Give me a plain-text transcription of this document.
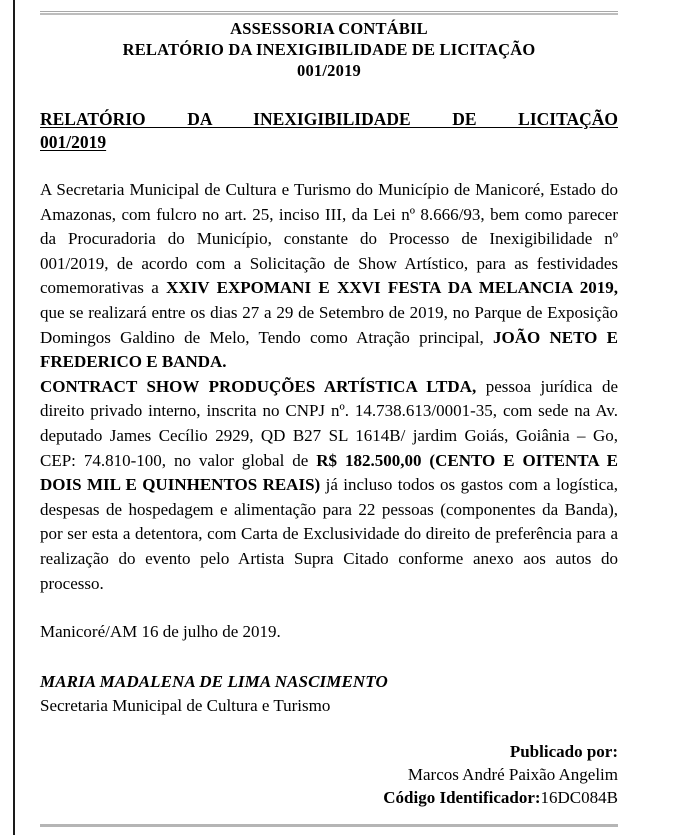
ASSESSORIA CONTÁBIL
RELATÓRIO DA INEXIGIBILIDADE DE LICITAÇÃO
001/2019
RELATÓRIO DA INEXIGIBILIDADE DE LICITAÇÃO
001/2019

A Secretaria Municipal de Cultura e Turismo do Município de Manicoré, Estado do Amazonas, com fulcro no art. 25, inciso III, da Lei nº 8.666/93, bem como parecer da Procuradoria do Município, constante do Processo de Inexigibilidade nº 001/2019, de acordo com a Solicitação de Show Artístico, para as festividades comemorativas a XXIV EXPOMANI E XXVI FESTA DA MELANCIA 2019, que se realizará entre os dias 27 a 29 de Setembro de 2019, no Parque de Exposição Domingos Galdino de Melo, Tendo como Atração principal, JOÃO NETO E FREDERICO E BANDA.

CONTRACT SHOW PRODUÇÕES ARTÍSTICA LTDA, pessoa jurídica de direito privado interno, inscrita no CNPJ nº. 14.738.613/0001-35, com sede na Av. deputado James Cecílio 2929, QD B27 SL 1614B/ jardim Goiás, Goiânia – Go, CEP: 74.810-100, no valor global de R$ 182.500,00 (CENTO E OITENTA E DOIS MIL E QUINHENTOS REAIS) já incluso todos os gastos com a logística, despesas de hospedagem e alimentação para 22 pessoas (componentes da Banda), por ser esta a detentora, com Carta de Exclusividade do direito de preferência para a realização do evento pelo Artista Supra Citado conforme anexo aos autos do processo.

Manicoré/AM 16 de julho de 2019.
MARIA MADALENA DE LIMA NASCIMENTO
Secretaria Municipal de Cultura e Turismo
Publicado por:
Marcos André Paixão Angelim
Código Identificador:16DC084B
